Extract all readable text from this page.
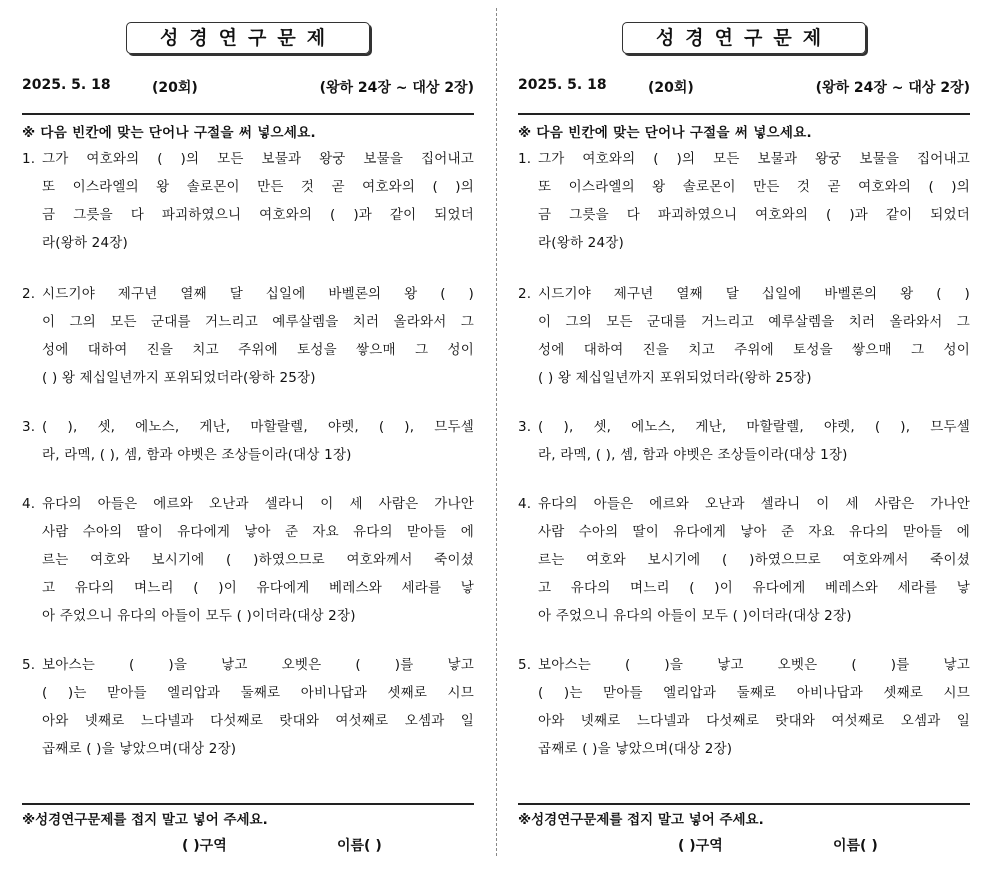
성경연구문제
2025. 5. 18	(20회)	(왕하 24장 ~ 대상 2장)
※ 다음 빈칸에 맞는 단어나 구절을 써 넣으세요.
1. 그가 여호와의 ( )의 모든 보물과 왕궁 보물을 집어내고
또 이스라엘의 왕 솔로몬이 만든 것 곧 여호와의 ( )의
금 그릇을 다 파괴하였으니 여호와의 ( )과 같이 되었더
라(왕하 24장)
2. 시드기야 제구년 열째 달 십일에 바벨론의 왕 ( )
이 그의 모든 군대를 거느리고 예루살렘을 치러 올라와서 그
성에 대하여 진을 치고 주위에 토성을 쌓으매 그 성이
( ) 왕 제십일년까지 포위되었더라(왕하 25장)
3. ( ), 셋, 에노스, 게난, 마할랄렐, 야렛, ( ), 므두셀
라, 라멕, ( ), 셈, 함과 야벳은 조상들이라(대상 1장)
4. 유다의 아들은 에르와 오난과 셀라니 이 세 사람은 가나안
사람 수아의 딸이 유다에게 낳아 준 자요 유다의 맏아들 에
르는 여호와 보시기에 ( )하였으므로 여호와께서 죽이셨
고 유다의 며느리 ( )이 유다에게 베레스와 세라를 낳
아 주었으니 유다의 아들이 모두 ( )이더라(대상 2장)
5. 보아스는 ( )을 낳고 오벳은 ( )를 낳고
( )는 맏아들 엘리압과 둘째로 아비나답과 셋째로 시므
아와 넷째로 느다넬과 다섯째로 랏대와 여섯째로 오셈과 일
곱째로 ( )을 낳았으며(대상 2장)
※성경연구문제를 접지 말고 넣어 주세요.
( )구역	이름( )
성경연구문제
2025. 5. 18	(20회)	(왕하 24장 ~ 대상 2장)
※ 다음 빈칸에 맞는 단어나 구절을 써 넣으세요.
1. 그가 여호와의 ( )의 모든 보물과 왕궁 보물을 집어내고
또 이스라엘의 왕 솔로몬이 만든 것 곧 여호와의 ( )의
금 그릇을 다 파괴하였으니 여호와의 ( )과 같이 되었더
라(왕하 24장)
2. 시드기야 제구년 열째 달 십일에 바벨론의 왕 ( )
이 그의 모든 군대를 거느리고 예루살렘을 치러 올라와서 그
성에 대하여 진을 치고 주위에 토성을 쌓으매 그 성이
( ) 왕 제십일년까지 포위되었더라(왕하 25장)
3. ( ), 셋, 에노스, 게난, 마할랄렐, 야렛, ( ), 므두셀
라, 라멕, ( ), 셈, 함과 야벳은 조상들이라(대상 1장)
4. 유다의 아들은 에르와 오난과 셀라니 이 세 사람은 가나안
사람 수아의 딸이 유다에게 낳아 준 자요 유다의 맏아들 에
르는 여호와 보시기에 ( )하였으므로 여호와께서 죽이셨
고 유다의 며느리 ( )이 유다에게 베레스와 세라를 낳
아 주었으니 유다의 아들이 모두 ( )이더라(대상 2장)
5. 보아스는 ( )을 낳고 오벳은 ( )를 낳고
( )는 맏아들 엘리압과 둘째로 아비나답과 셋째로 시므
아와 넷째로 느다넬과 다섯째로 랏대와 여섯째로 오셈과 일
곱째로 ( )을 낳았으며(대상 2장)
※성경연구문제를 접지 말고 넣어 주세요.
( )구역	이름( )
